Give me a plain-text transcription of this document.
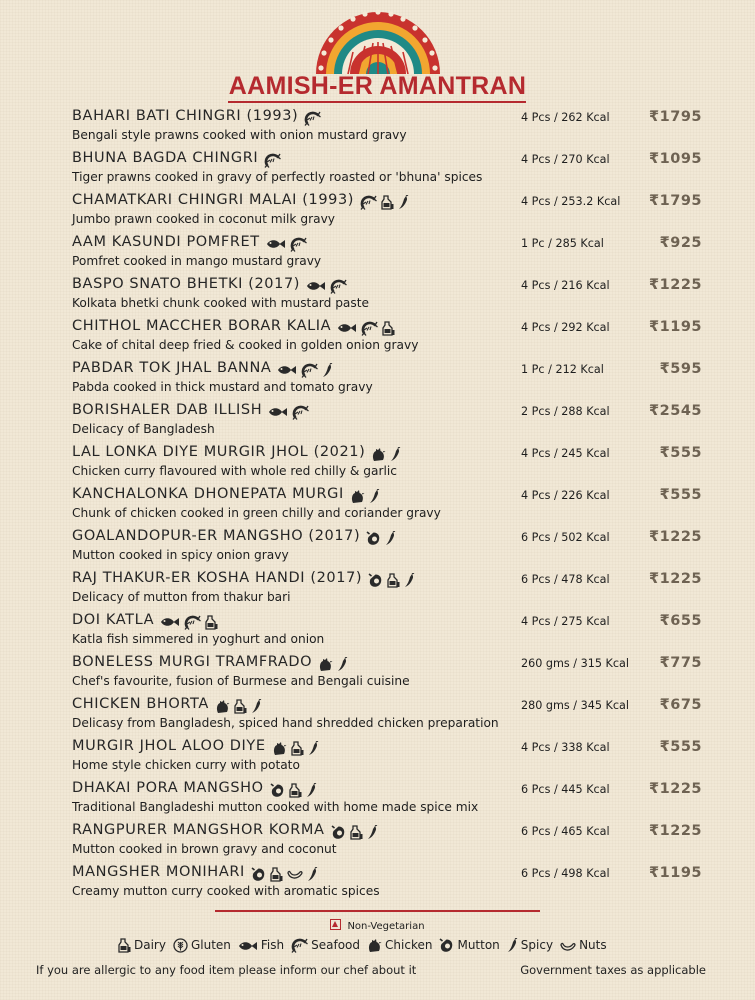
AAMISH-ER AMANTRAN
BAHARI BATI CHINGRI (1993)
Bengali style prawns cooked with onion mustard gravy
4 Pcs / 262 Kcal	₹1795
BHUNA BAGDA CHINGRI
Tiger prawns cooked in gravy of perfectly roasted or 'bhuna' spices
4 Pcs / 270 Kcal	₹1095
CHAMATKARI CHINGRI MALAI (1993)
Jumbo prawn cooked in coconut milk gravy
4 Pcs / 253.2 Kcal ₹1795
AAM KASUNDI POMFRET
Pomfret cooked in mango mustard gravy
1 Pc / 285 Kcal	₹925
BASPO SNATO BHETKI (2017)
Kolkata bhetki chunk cooked with mustard paste
4 Pcs / 216 Kcal	₹1225
CHITHOL MACCHER BORAR KALIA
Cake of chital deep fried & cooked in golden onion gravy
4 Pcs / 292 Kcal	₹1195
PABDAR TOK JHAL BANNA
Pabda cooked in thick mustard and tomato gravy
1 Pc / 212 Kcal	₹595
BORISHALER DAB ILLISH
Delicacy of Bangladesh
2 Pcs / 288 Kcal	₹2545
LAL LONKA DIYE MURGIR JHOL (2021)
Chicken curry flavoured with whole red chilly & garlic
4 Pcs / 245 Kcal	₹555
KANCHALONKA DHONEPATA MURGI
Chunk of chicken cooked in green chilly and coriander gravy
4 Pcs / 226 Kcal	₹555
GOALANDOPUR-ER MANGSHO (2017)
Mutton cooked in spicy onion gravy
6 Pcs / 502 Kcal	₹1225
RAJ THAKUR-ER KOSHA HANDI (2017)
Delicacy of mutton from thakur bari
6 Pcs / 478 Kcal	₹1225
DOI KATLA
Katla fish simmered in yoghurt and onion
4 Pcs / 275 Kcal	₹655
BONELESS MURGI TRAMFRADO
Chef's favourite, fusion of Burmese and Bengali cuisine
260 gms / 315 Kcal ₹775
CHICKEN BHORTA
Delicasy from Bangladesh, spiced hand shredded chicken preparation
280 gms / 345 Kcal ₹675
MURGIR JHOL ALOO DIYE
Home style chicken curry with potato
4 Pcs / 338 Kcal	₹555
DHAKAI PORA MANGSHO
Traditional Bangladeshi mutton cooked with home made spice mix
6 Pcs / 445 Kcal	₹1225
RANGPURER MANGSHOR KORMA
Mutton cooked in brown gravy and coconut
6 Pcs / 465 Kcal	₹1225
MANGSHER MONIHARI
Creamy mutton curry cooked with aromatic spices
6 Pcs / 498 Kcal	₹1195
Non-Vegetarian
Dairy Gluten	Fish Seafood Chicken Mutton Spicy Nuts
If you are allergic to any food item please inform our chef about it	Government taxes as applicable
